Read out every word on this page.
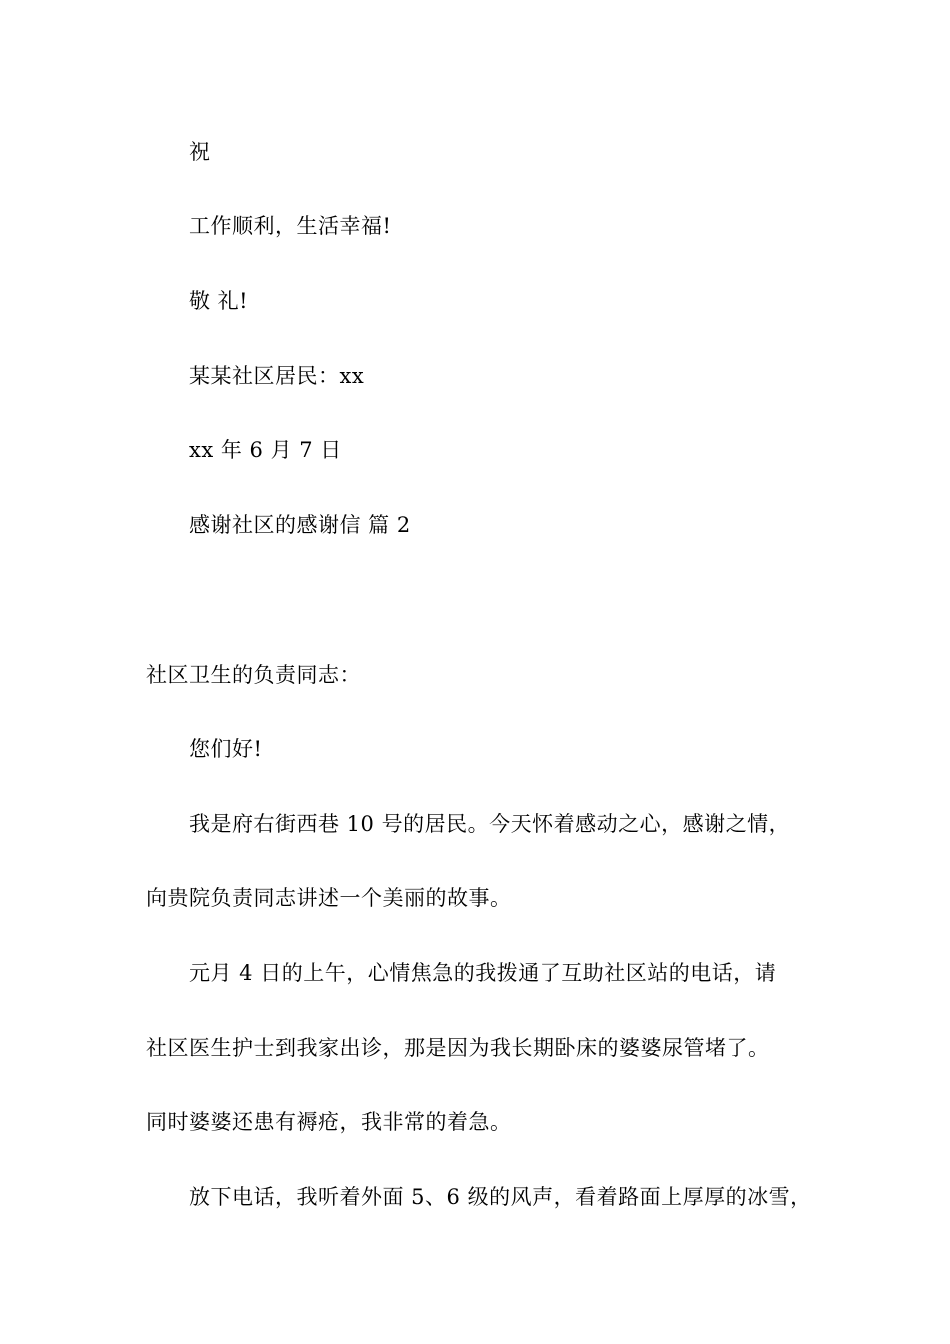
祝
工作顺利，生活幸福!
敬 礼!
某某社区居民：xx
xx 年 6 月 7 日
感谢社区的感谢信 篇 2
社区卫生的负责同志：
您们好!
我是府右街西巷 10 号的居民。今天怀着感动之心，感谢之情，
向贵院负责同志讲述一个美丽的故事。
元月 4 日的上午，心情焦急的我拨通了互助社区站的电话，请
社区医生护士到我家出诊，那是因为我长期卧床的婆婆尿管堵了。
同时婆婆还患有褥疮，我非常的着急。
放下电话，我听着外面 5、6 级的风声，看着路面上厚厚的冰雪，
